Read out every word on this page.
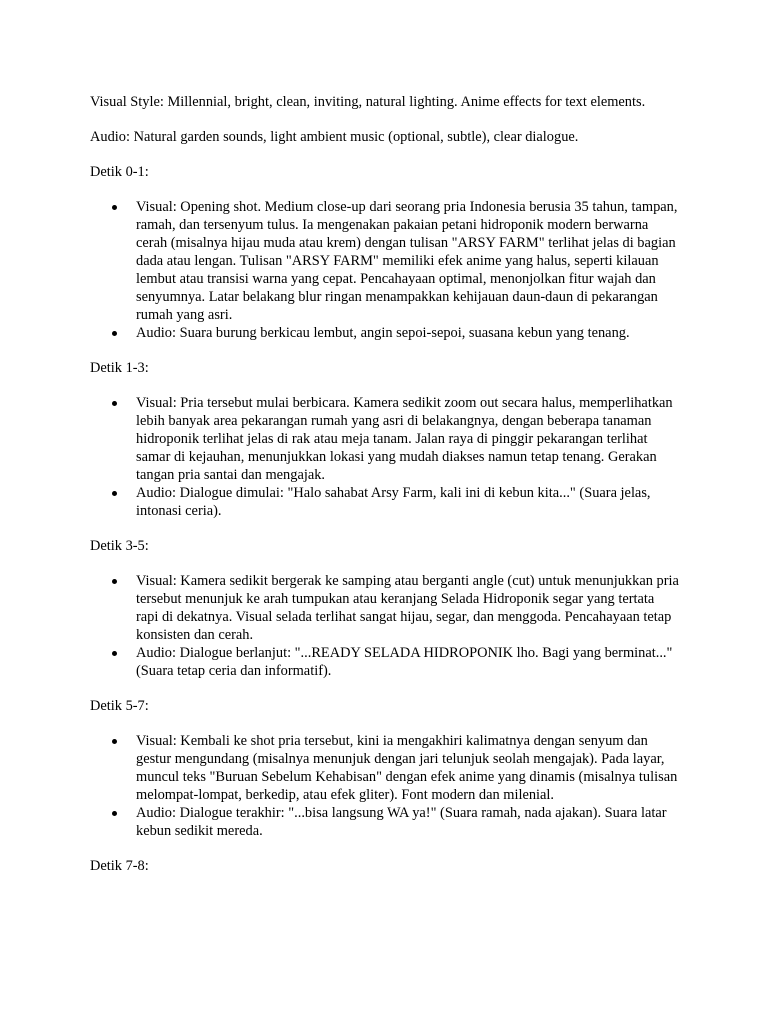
Visual Style: Millennial, bright, clean, inviting, natural lighting. Anime effects for text elements.

Audio: Natural garden sounds, light ambient music (optional, subtle), clear dialogue.

Detik 0-1:

Visual: Opening shot. Medium close-up dari seorang pria Indonesia berusia 35 tahun, tampan, ramah, dan tersenyum tulus. Ia mengenakan pakaian petani hidroponik modern berwarna cerah (misalnya hijau muda atau krem) dengan tulisan "ARSY FARM" terlihat jelas di bagian dada atau lengan. Tulisan "ARSY FARM" memiliki efek anime yang halus, seperti kilauan lembut atau transisi warna yang cepat. Pencahayaan optimal, menonjolkan fitur wajah dan senyumnya. Latar belakang blur ringan menampakkan kehijauan daun-daun di pekarangan rumah yang asri.
Audio: Suara burung berkicau lembut, angin sepoi-sepoi, suasana kebun yang tenang.

Detik 1-3:

Visual: Pria tersebut mulai berbicara. Kamera sedikit zoom out secara halus, memperlihatkan lebih banyak area pekarangan rumah yang asri di belakangnya, dengan beberapa tanaman hidroponik terlihat jelas di rak atau meja tanam. Jalan raya di pinggir pekarangan terlihat samar di kejauhan, menunjukkan lokasi yang mudah diakses namun tetap tenang. Gerakan tangan pria santai dan mengajak.
Audio: Dialogue dimulai: "Halo sahabat Arsy Farm, kali ini di kebun kita..." (Suara jelas, intonasi ceria).

Detik 3-5:

Visual: Kamera sedikit bergerak ke samping atau berganti angle (cut) untuk menunjukkan pria tersebut menunjuk ke arah tumpukan atau keranjang Selada Hidroponik segar yang tertata rapi di dekatnya. Visual selada terlihat sangat hijau, segar, dan menggoda. Pencahayaan tetap konsisten dan cerah.
Audio: Dialogue berlanjut: "...READY SELADA HIDROPONIK lho. Bagi yang berminat..." (Suara tetap ceria dan informatif).

Detik 5-7:

Visual: Kembali ke shot pria tersebut, kini ia mengakhiri kalimatnya dengan senyum dan gestur mengundang (misalnya menunjuk dengan jari telunjuk seolah mengajak). Pada layar, muncul teks "Buruan Sebelum Kehabisan" dengan efek anime yang dinamis (misalnya tulisan melompat-lompat, berkedip, atau efek gliter). Font modern dan milenial.
Audio: Dialogue terakhir: "...bisa langsung WA ya!" (Suara ramah, nada ajakan). Suara latar kebun sedikit mereda.

Detik 7-8:
